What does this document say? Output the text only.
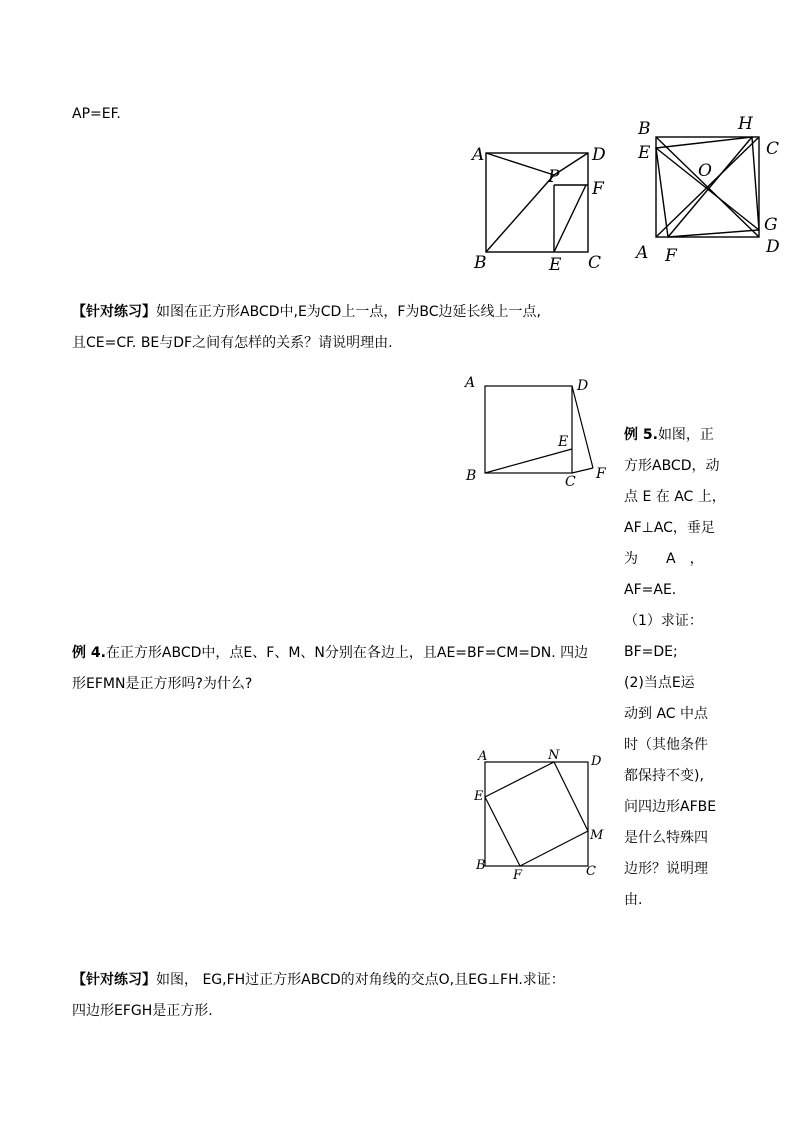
AP=EF.
A	D
P
F
B	E C
B	H
E	C
O
G
A F	D
【针对练习】如图在正方形ABCD中,E为CD上一点，F为BC边延长线上一点,
且CE=CF. BE与DF之间有怎样的关系？请说明理由.
A	D
E
B	C F
例 5.如图，正
方形ABCD，动
点 E 在 AC 上，
AF⊥AC，垂足
为　　A　，
AF=AE.
（1）求证：
BF=DE;
(2)当点E运
动到 AC 中点
时（其他条件
都保持不变),
问四边形AFBE
是什么特殊四
边形？说明理
由.
例 4.在正方形ABCD中，点E、F、M、N分别在各边上，且AE=BF=CM=DN. 四边
形EFMN是正方形吗?为什么?
A	N D
E
M
B	C
F
【针对练习】如图， EG,FH过正方形ABCD的对角线的交点O,且EG⊥FH.求证：
四边形EFGH是正方形.
